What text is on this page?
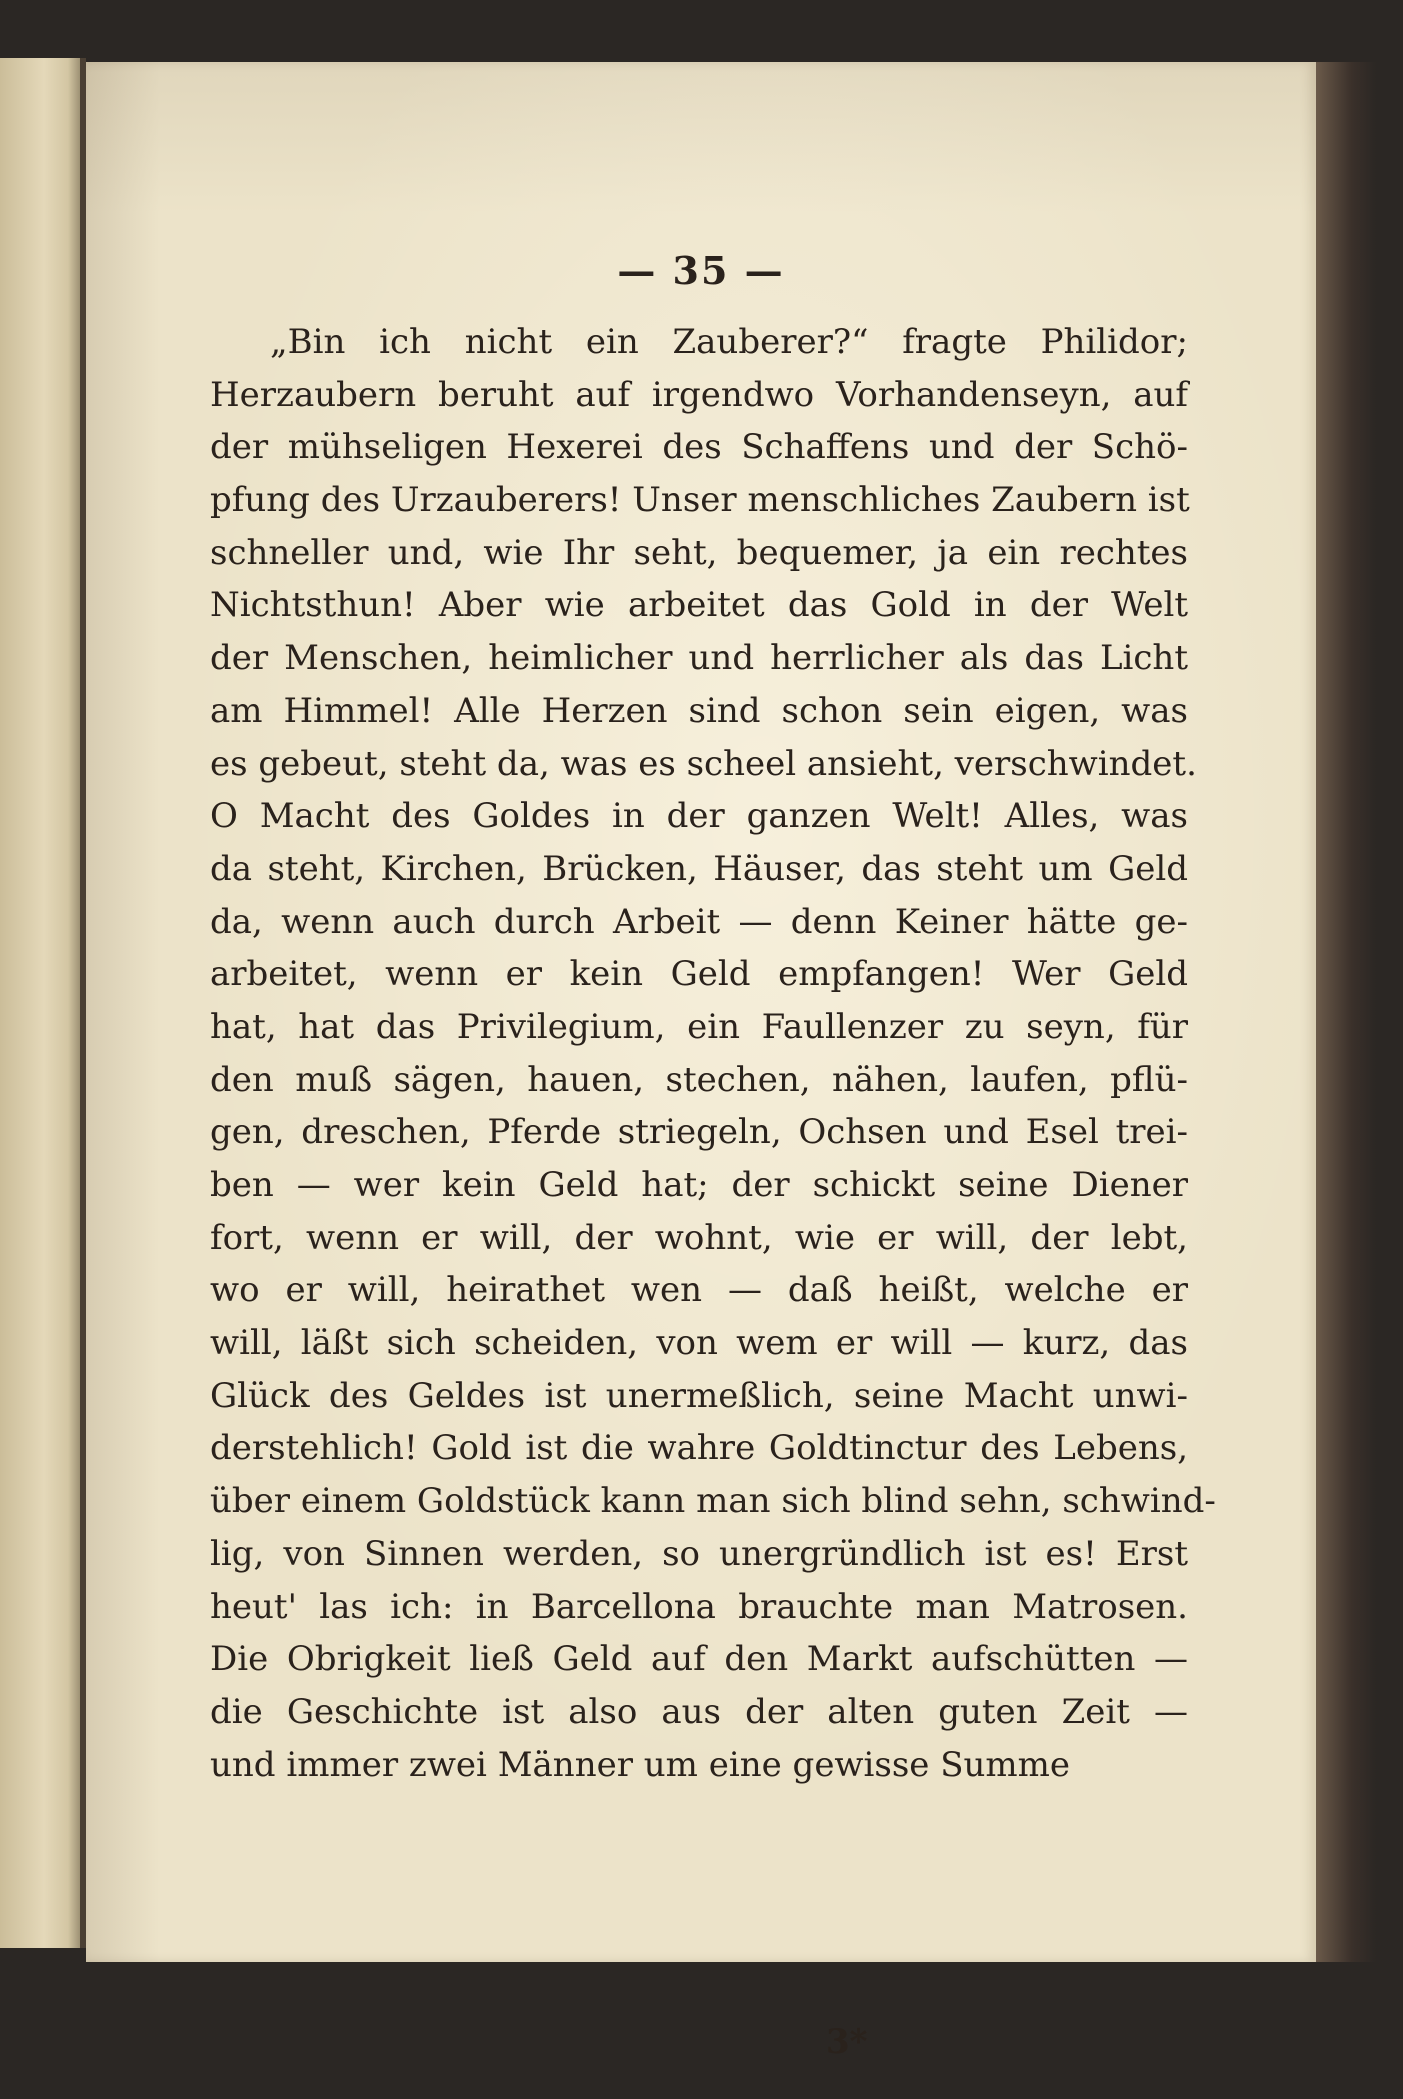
— 35 —
„Bin ich nicht ein Zauberer?“ fragte Philidor;
Herzaubern beruht auf irgendwo Vorhandenseyn, auf
der mühseligen Hexerei des Schaffens und der Schö-
pfung des Urzauberers! Unser menschliches Zaubern ist
schneller und, wie Ihr seht, bequemer, ja ein rechtes
Nichtsthun! Aber wie arbeitet das Gold in der Welt
der Menschen, heimlicher und herrlicher als das Licht
am Himmel! Alle Herzen sind schon sein eigen, was
es gebeut, steht da, was es scheel ansieht, verschwindet.
O Macht des Goldes in der ganzen Welt! Alles, was
da steht, Kirchen, Brücken, Häuser, das steht um Geld
da, wenn auch durch Arbeit — denn Keiner hätte ge-
arbeitet, wenn er kein Geld empfangen! Wer Geld
hat, hat das Privilegium, ein Faullenzer zu seyn, für
den muß sägen, hauen, stechen, nähen, laufen, pflü-
gen, dreschen, Pferde striegeln, Ochsen und Esel trei-
ben — wer kein Geld hat; der schickt seine Diener
fort, wenn er will, der wohnt, wie er will, der lebt,
wo er will, heirathet wen — daß heißt, welche er
will, läßt sich scheiden, von wem er will — kurz, das
Glück des Geldes ist unermeßlich, seine Macht unwi-
derstehlich! Gold ist die wahre Goldtinctur des Lebens,
über einem Goldstück kann man sich blind sehn, schwind-
lig, von Sinnen werden, so unergründlich ist es! Erst
heut' las ich: in Barcellona brauchte man Matrosen.
Die Obrigkeit ließ Geld auf den Markt aufschütten —
die Geschichte ist also aus der alten guten Zeit —
und immer zwei Männer um eine gewisse Summe
3*
